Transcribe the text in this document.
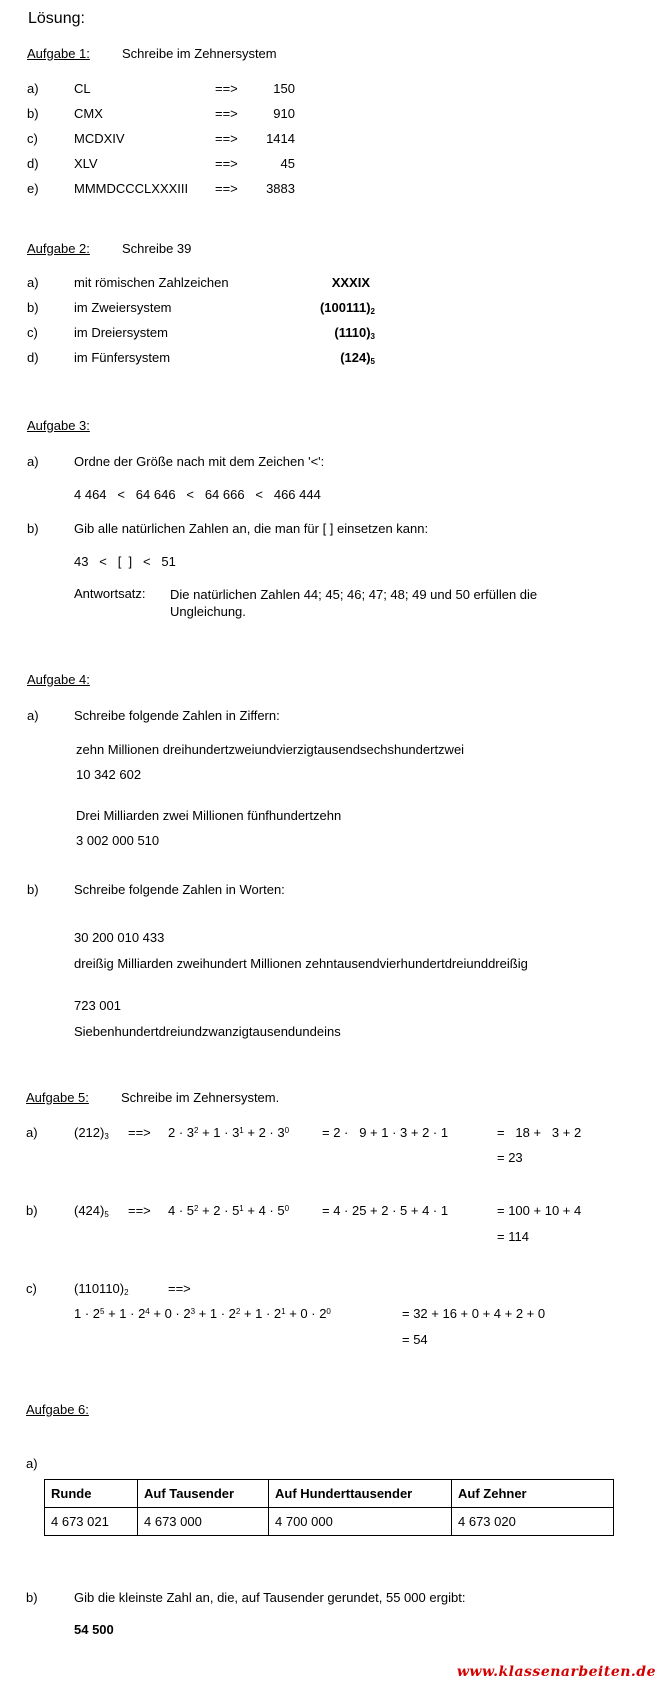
Lösung:
Aufgabe 1: Schreibe im Zehnersystem
a)	CL	==>	150
b)	CMX	==>	910
c)	MCDXIV	==>	1414
d)	XLV	==>	45
e)	MMMDCCCLXXXIII ==>	3883
Aufgabe 2: Schreibe 39
a)	mit römischen Zahlzeichen	XXXIX
b)	im Zweiersystem	$(100111)_2$
c)	im Dreiersystem	$(1110)_3$
d)	im Fünfersystem	$(124)_5$
Aufgabe 3:
a)	Ordne der Größe nach mit dem Zeichen '<':
4 464   <   64 646   <   64 666   <   466 444
b)	Gib alle natürlichen Zahlen an, die man für [ ] einsetzen kann:
43   <   [  ]   <   51
Antwortsatz: Die natürlichen Zahlen 44; 45; 46; 47; 48; 49 und 50 erfüllen die Ungleichung.
Aufgabe 4:
a)	Schreibe folgende Zahlen in Ziffern:
zehn Millionen dreihundertzweiundvierzigtausendsechshundertzwei
10 342 602
Drei Milliarden zwei Millionen fünfhundertzehn
3 002 000 510
b)	Schreibe folgende Zahlen in Worten:
30 200 010 433
dreißig Milliarden zweihundert Millionen zehntausendvierhundertdreiunddreißig
723 001
Siebenhundertdreiundzwanzigtausendundeins
Aufgabe 5: Schreibe im Zehnersystem.
a)	$(212)_3$ ==> $2 \cdot 3^2 + 1 \cdot 3^1 + 2 \cdot 3^0$	= 2 ·   9 + 1 · 3 + 2 · 1	=   18 +   3 + 2
= 23
b)	$(424)_5$ ==> $4 \cdot 5^2 + 2 \cdot 5^1 + 4 \cdot 5^0$	= 4 · 25 + 2 · 5 + 4 · 1	= 100 + 10 + 4
= 114
c)	$(110110)_2$	==>
$1 \cdot 2^5 + 1 \cdot 2^4 + 0 \cdot 2^3 + 1 \cdot 2^2 + 1 \cdot 2^1 + 0 \cdot 2^0$	= 32 + 16 + 0 + 4 + 2 + 0
= 54
Aufgabe 6:
a)
Runde	Auf Tausender	Auf Hunderttausender	Auf Zehner
4 673 021	4 673 000	4 700 000	4 673 020
b)	Gib die kleinste Zahl an, die, auf Tausender gerundet, 55 000 ergibt:
54 500
www.klassenarbeiten.de
